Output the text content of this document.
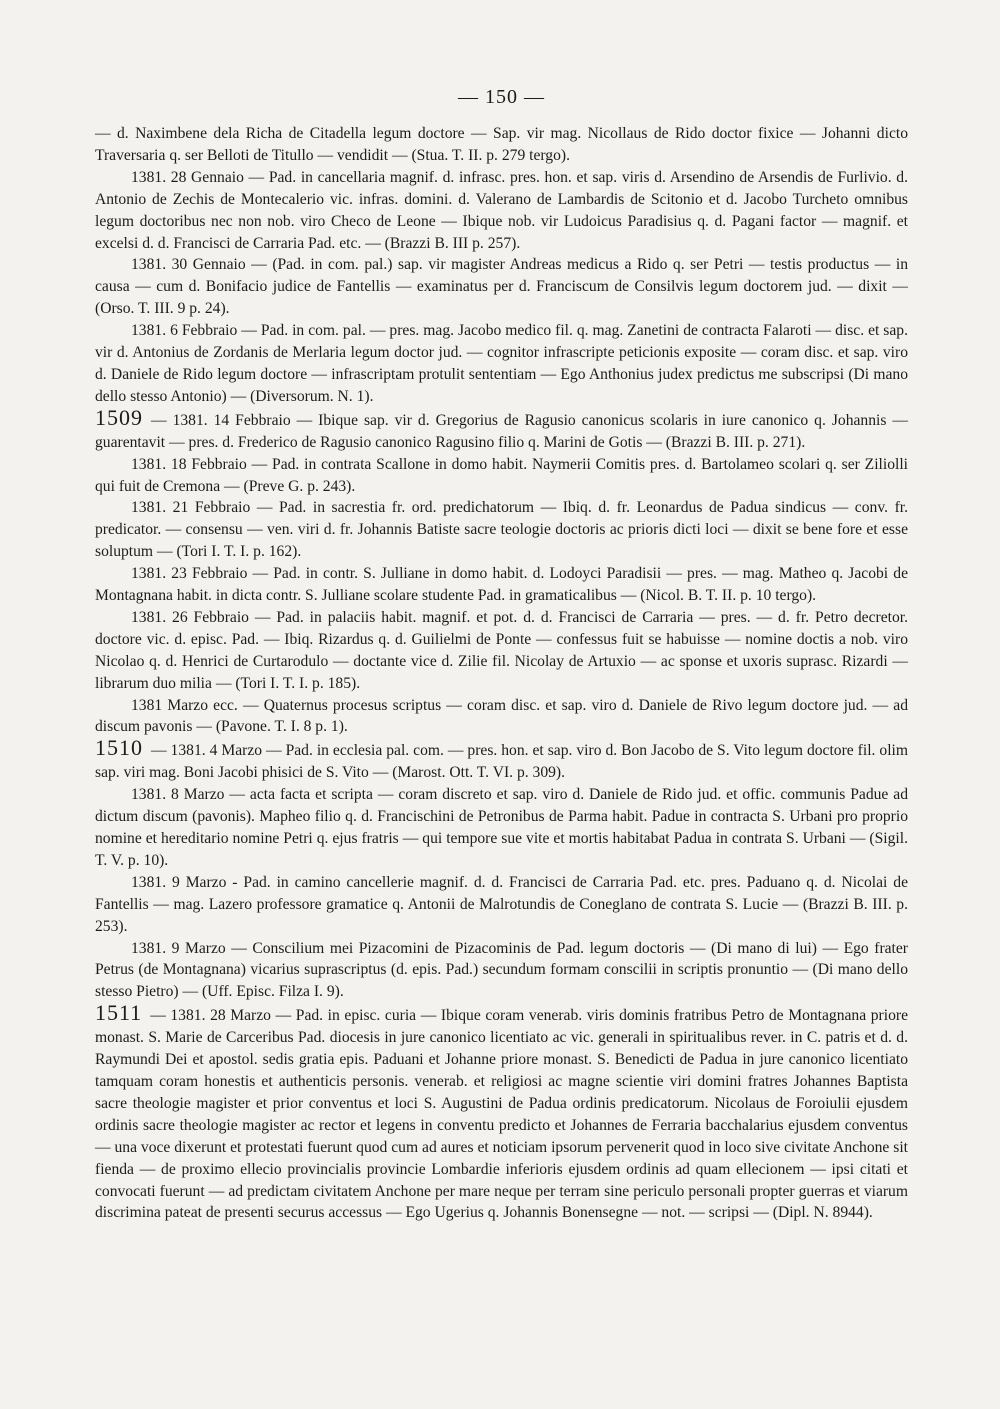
— 150 —

— d. Naximbene dela Richa de Citadella legum doctore — Sap. vir mag. Nicollaus de Rido doctor fixice — Johanni dicto Traversaria q. ser Belloti de Titullo — vendidit — (Stua. T. II. p. 279 tergo).

1381. 28 Gennaio — Pad. in cancellaria magnif. d. infrasc. pres. hon. et sap. viris d. Arsendino de Arsendis de Furlivio. d. Antonio de Zechis de Montecalerio vic. infras. domini. d. Valerano de Lambardis de Scitonio et d. Jacobo Turcheto omnibus legum doctoribus nec non nob. viro Checo de Leone — Ibique nob. vir Ludoicus Paradisius q. d. Pagani factor — magnif. et excelsi d. d. Francisci de Carraria Pad. etc. — (Brazzi B. III p. 257).

1381. 30 Gennaio — (Pad. in com. pal.) sap. vir magister Andreas medicus a Rido q. ser Petri — testis productus — in causa — cum d. Bonifacio judice de Fantellis — examinatus per d. Franciscum de Consilvis legum doctorem jud. — dixit — (Orso. T. III. 9 p. 24).

1381. 6 Febbraio — Pad. in com. pal. — pres. mag. Jacobo medico fil. q. mag. Zanetini de contracta Falaroti — disc. et sap. vir d. Antonius de Zordanis de Merlaria legum doctor jud. — cognitor infrascripte peticionis exposite — coram disc. et sap. viro d. Daniele de Rido legum doctore — infrascriptam protulit sententiam — Ego Anthonius judex predictus me subscripsi (Di mano dello stesso Antonio) — (Diversorum. N. 1).

1509 — 1381. 14 Febbraio — Ibique sap. vir d. Gregorius de Ragusio canonicus scolaris in iure canonico q. Johannis — guarentavit — pres. d. Frederico de Ragusio canonico Ragusino filio q. Marini de Gotis — (Brazzi B. III. p. 271).

1381. 18 Febbraio — Pad. in contrata Scallone in domo habit. Naymerii Comitis pres. d. Bartolameo scolari q. ser Ziliolli qui fuit de Cremona — (Preve G. p. 243).

1381. 21 Febbraio — Pad. in sacrestia fr. ord. predichatorum — Ibiq. d. fr. Leonardus de Padua sindicus — conv. fr. predicator. — consensu — ven. viri d. fr. Johannis Batiste sacre teologie doctoris ac prioris dicti loci — dixit se bene fore et esse soluptum — (Tori I. T. I. p. 162).

1381. 23 Febbraio — Pad. in contr. S. Julliane in domo habit. d. Lodoyci Paradisii — pres. — mag. Matheo q. Jacobi de Montagnana habit. in dicta contr. S. Julliane scolare studente Pad. in gramaticalibus — (Nicol. B. T. II. p. 10 tergo).

1381. 26 Febbraio — Pad. in palaciis habit. magnif. et pot. d. d. Francisci de Carraria — pres. — d. fr. Petro decretor. doctore vic. d. episc. Pad. — Ibiq. Rizardus q. d. Guilielmi de Ponte — confessus fuit se habuisse — nomine doctis a nob. viro Nicolao q. d. Henrici de Curtarodulo — doctante vice d. Zilie fil. Nicolay de Artuxio — ac sponse et uxoris suprasc. Rizardi — librarum duo milia — (Tori I. T. I. p. 185).

1381 Marzo ecc. — Quaternus procesus scriptus — coram disc. et sap. viro d. Daniele de Rivo legum doctore jud. — ad discum pavonis — (Pavone. T. I. 8 p. 1).

1510 — 1381. 4 Marzo — Pad. in ecclesia pal. com. — pres. hon. et sap. viro d. Bon Jacobo de S. Vito legum doctore fil. olim sap. viri mag. Boni Jacobi phisici de S. Vito — (Marost. Ott. T. VI. p. 309).

1381. 8 Marzo — acta facta et scripta — coram discreto et sap. viro d. Daniele de Rido jud. et offic. communis Padue ad dictum discum (pavonis). Mapheo filio q. d. Francischini de Petronibus de Parma habit. Padue in contracta S. Urbani pro proprio nomine et hereditario nomine Petri q. ejus fratris — qui tempore sue vite et mortis habitabat Padua in contrata S. Urbani — (Sigil. T. V. p. 10).

1381. 9 Marzo - Pad. in camino cancellerie magnif. d. d. Francisci de Carraria Pad. etc. pres. Paduano q. d. Nicolai de Fantellis — mag. Lazero professore gramatice q. Antonii de Malrotundis de Coneglano de contrata S. Lucie — (Brazzi B. III. p. 253).

1381. 9 Marzo — Conscilium mei Pizacomini de Pizacominis de Pad. legum doctoris — (Di mano di lui) — Ego frater Petrus (de Montagnana) vicarius suprascriptus (d. epis. Pad.) secundum formam conscilii in scriptis pronuntio — (Di mano dello stesso Pietro) — (Uff. Episc. Filza I. 9).

1511 — 1381. 28 Marzo — Pad. in episc. curia — Ibique coram venerab. viris dominis fratribus Petro de Montagnana priore monast. S. Marie de Carceribus Pad. diocesis in jure canonico licentiato ac vic. generali in spiritualibus rever. in C. patris et d. d. Raymundi Dei et apostol. sedis gratia epis. Paduani et Johanne priore monast. S. Benedicti de Padua in jure canonico licentiato tamquam coram honestis et authenticis personis. venerab. et religiosi ac magne scientie viri domini fratres Johannes Baptista sacre theologie magister et prior conventus et loci S. Augustini de Padua ordinis predicatorum. Nicolaus de Foroiulii ejusdem ordinis sacre theologie magister ac rector et legens in conventu predicto et Johannes de Ferraria bacchalarius ejusdem conventus — una voce dixerunt et protestati fuerunt quod cum ad aures et noticiam ipsorum pervenerit quod in loco sive civitate Anchone sit fienda — de proximo ellecio provincialis provincie Lombardie inferioris ejusdem ordinis ad quam ellecionem — ipsi citati et convocati fuerunt — ad predictam civitatem Anchone per mare neque per terram sine periculo personali propter guerras et viarum discrimina pateat de presenti securus accessus — Ego Ugerius q. Johannis Bonensegne — not. — scripsi — (Dipl. N. 8944).
